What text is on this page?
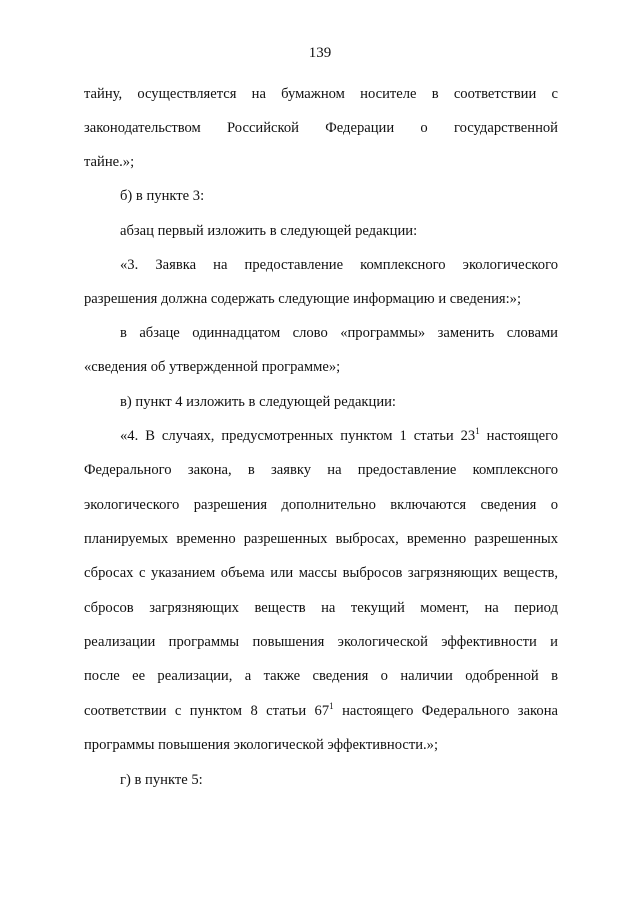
139
тайну, осуществляется на бумажном носителе в соответствии с
законодательством Российской Федерации о государственной
тайне.»;
б) в пункте 3:
абзац первый изложить в следующей редакции:
«3. Заявка на предоставление комплексного экологического
разрешения должна содержать следующие информацию и сведения:»;
в абзаце одиннадцатом слово «программы» заменить словами
«сведения об утвержденной программе»;
в) пункт 4 изложить в следующей редакции:
«4. В случаях, предусмотренных пунктом 1 статьи $23^1$ настоящего
Федерального закона, в заявку на предоставление комплексного
экологического разрешения дополнительно включаются сведения о
планируемых временно разрешенных выбросах, временно разрешенных
сбросах с указанием объема или массы выбросов загрязняющих веществ,
сбросов загрязняющих веществ на текущий момент, на период
реализации программы повышения экологической эффективности и
после ее реализации, а также сведения о наличии одобренной в
соответствии с пунктом 8 статьи $67^1$ настоящего Федерального закона
программы повышения экологической эффективности.»;
г) в пункте 5:
